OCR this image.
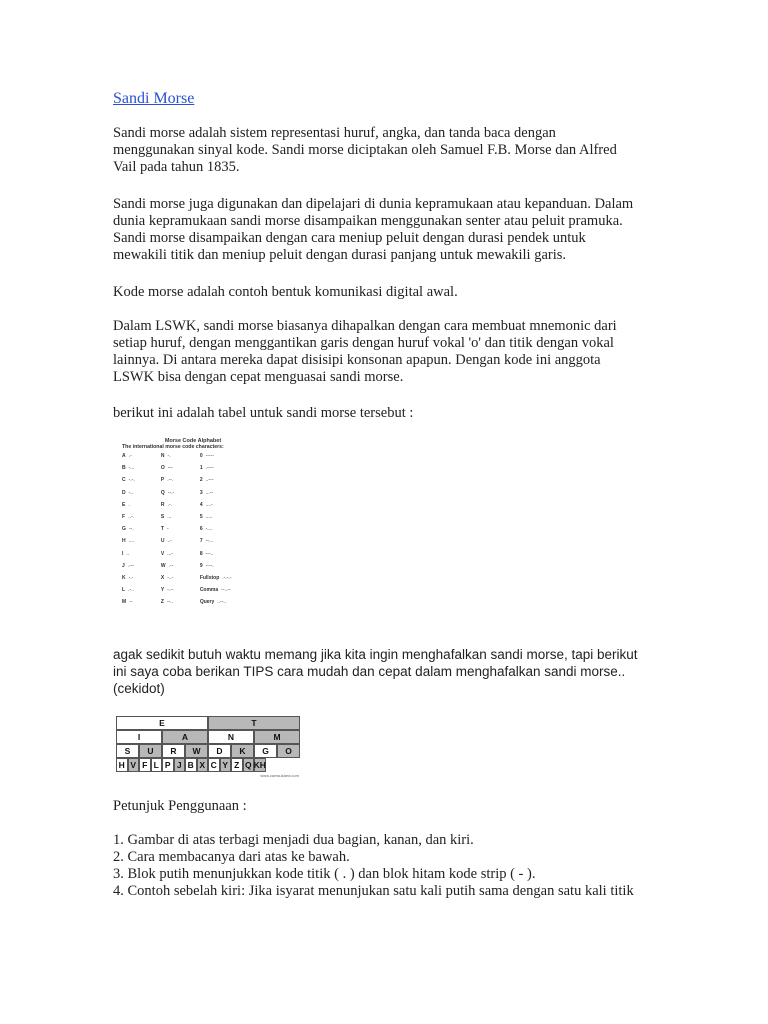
Sandi Morse
Sandi morse adalah sistem representasi huruf, angka, dan tanda baca dengan
menggunakan sinyal kode. Sandi morse diciptakan oleh Samuel F.B. Morse dan Alfred
Vail pada tahun 1835.
Sandi morse juga digunakan dan dipelajari di dunia kepramukaan atau kepanduan. Dalam
dunia kepramukaan sandi morse disampaikan menggunakan senter atau peluit pramuka.
Sandi morse disampaikan dengan cara meniup peluit dengan durasi pendek untuk
mewakili titik dan meniup peluit dengan durasi panjang untuk mewakili garis.
Kode morse adalah contoh bentuk komunikasi digital awal.
Dalam LSWK, sandi morse biasanya dihapalkan dengan cara membuat mnemonic dari
setiap huruf, dengan menggantikan garis dengan huruf vokal 'o' dan titik dengan vokal
lainnya. Di antara mereka dapat disisipi konsonan apapun. Dengan kode ini anggota
LSWK bisa dengan cepat menguasai sandi morse.
berikut ini adalah tabel untuk sandi morse tersebut :
Morse Code Alphabet
The international morse code characters:
A .-	N -.	0 -----
B -...	O ---	1 .----
C -.-.	P .--.	2 ..---
D -..	Q --.-	3 ...--
E .	R .-.	4 ....-
F ..-.	S ...	5 .....
G --.	T -	6 -....
H ....	U ..-	7 --...
I ..	V ...-	8 ---..
J .---	W .--	9 ----.
K -.-	X -..-	Fullstop .-.-.-
L .-..	Y -.--	Comma --..--
M --	Z --..	Query ..--..
agak sedikit butuh waktu memang jika kita ingin menghafalkan sandi morse, tapi berikut
ini saya coba berikan TIPS cara mudah dan cepat dalam menghafalkan sandi morse..
(cekidot)
E	T
I	A	N	M
S	U	R	W	D	K	G	O
H V F L P J B X C Y Z Q KH
www.camsukaed.com
Petunjuk Penggunaan :
1. Gambar di atas terbagi menjadi dua bagian, kanan, dan kiri.
2. Cara membacanya dari atas ke bawah.
3. Blok putih menunjukkan kode titik ( . ) dan blok hitam kode strip ( - ).
4. Contoh sebelah kiri: Jika isyarat menunjukan satu kali putih sama dengan satu kali titik
